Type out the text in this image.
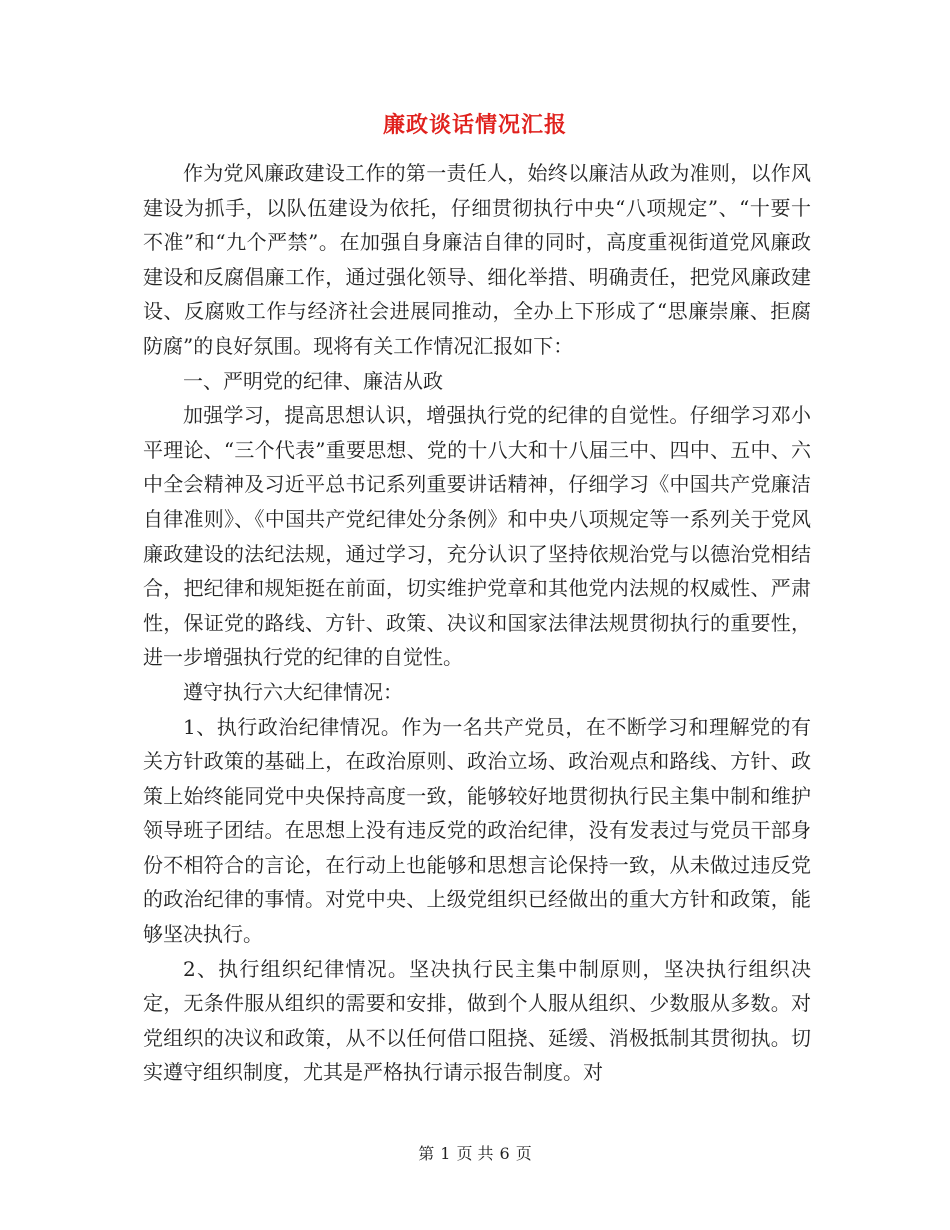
廉政谈话情况汇报

作为党风廉政建设工作的第一责任人，始终以廉洁从政为准则，以作风建设为抓手，以队伍建设为依托，仔细贯彻执行中央“八项规定”、“十要十不准”和“九个严禁”。在加强自身廉洁自律的同时，高度重视街道党风廉政建设和反腐倡廉工作，通过强化领导、细化举措、明确责任，把党风廉政建设、反腐败工作与经济社会进展同推动，全办上下形成了“思廉崇廉、拒腐防腐”的良好氛围。现将有关工作情况汇报如下：

一、严明党的纪律、廉洁从政

加强学习，提高思想认识，增强执行党的纪律的自觉性。仔细学习邓小平理论、“三个代表”重要思想、党的十八大和十八届三中、四中、五中、六中全会精神及习近平总书记系列重要讲话精神，仔细学习《中国共产党廉洁自律准则》、《中国共产党纪律处分条例》和中央八项规定等一系列关于党风廉政建设的法纪法规，通过学习，充分认识了坚持依规治党与以德治党相结合，把纪律和规矩挺在前面，切实维护党章和其他党内法规的权威性、严肃性，保证党的路线、方针、政策、决议和国家法律法规贯彻执行的重要性，进一步增强执行党的纪律的自觉性。

遵守执行六大纪律情况：

1、执行政治纪律情况。作为一名共产党员，在不断学习和理解党的有关方针政策的基础上，在政治原则、政治立场、政治观点和路线、方针、政策上始终能同党中央保持高度一致，能够较好地贯彻执行民主集中制和维护领导班子团结。在思想上没有违反党的政治纪律，没有发表过与党员干部身份不相符合的言论，在行动上也能够和思想言论保持一致，从未做过违反党的政治纪律的事情。对党中央、上级党组织已经做出的重大方针和政策，能够坚决执行。

2、执行组织纪律情况。坚决执行民主集中制原则，坚决执行组织决定，无条件服从组织的需要和安排，做到个人服从组织、少数服从多数。对党组织的决议和政策，从不以任何借口阻挠、延缓、消极抵制其贯彻执。切实遵守组织制度，尤其是严格执行请示报告制度。对

第 1 页 共 6 页
